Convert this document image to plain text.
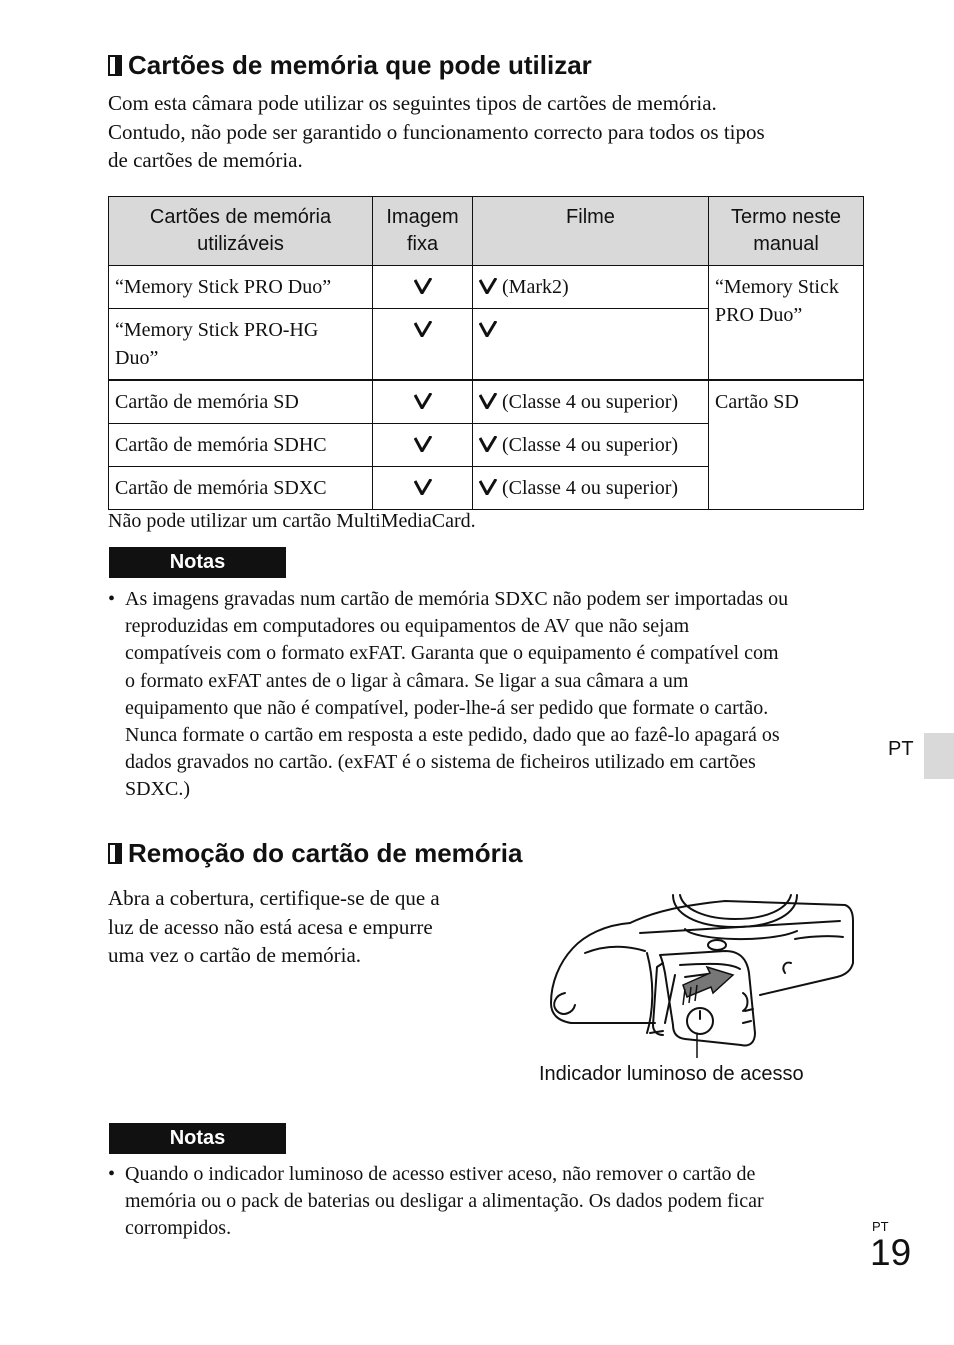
Cartões de memória que pode utilizar

Com esta câmara pode utilizar os seguintes tipos de cartões de memória.
Contudo, não pode ser garantido o funcionamento correcto para todos os tipos
de cartões de memória.

Cartões de memória utilizáveis	Imagem fixa	Filme	Termo neste manual
“Memory Stick PRO Duo”		(Mark2)	“Memory Stick PRO Duo”
“Memory Stick PRO-HG Duo”		
Cartão de memória SD		(Classe 4 ou superior)	Cartão SD
Cartão de memória SDHC		(Classe 4 ou superior)	
Cartão de memória SDXC		(Classe 4 ou superior)	

Não pode utilizar um cartão MultiMediaCard.

Notas
• As imagens gravadas num cartão de memória SDXC não podem ser importadas ou
reproduzidas em computadores ou equipamentos de AV que não sejam
compatíveis com o formato exFAT. Garanta que o equipamento é compatível com
o formato exFAT antes de o ligar à câmara. Se ligar a sua câmara a um
equipamento que não é compatível, poder-lhe-á ser pedido que formate o cartão.
Nunca formate o cartão em resposta a este pedido, dado que ao fazê-lo apagará os
dados gravados no cartão. (exFAT é o sistema de ficheiros utilizado em cartões
SDXC.)
PT
Remoção do cartão de memória

Abra a cobertura, certifique-se de que a
luz de acesso não está acesa e empurre
uma vez o cartão de memória.

Indicador luminoso de acesso
Notas
• Quando o indicador luminoso de acesso estiver aceso, não remover o cartão de
memória ou o pack de baterias ou desligar a alimentação. Os dados podem ficar
corrompidos.	PT
19
